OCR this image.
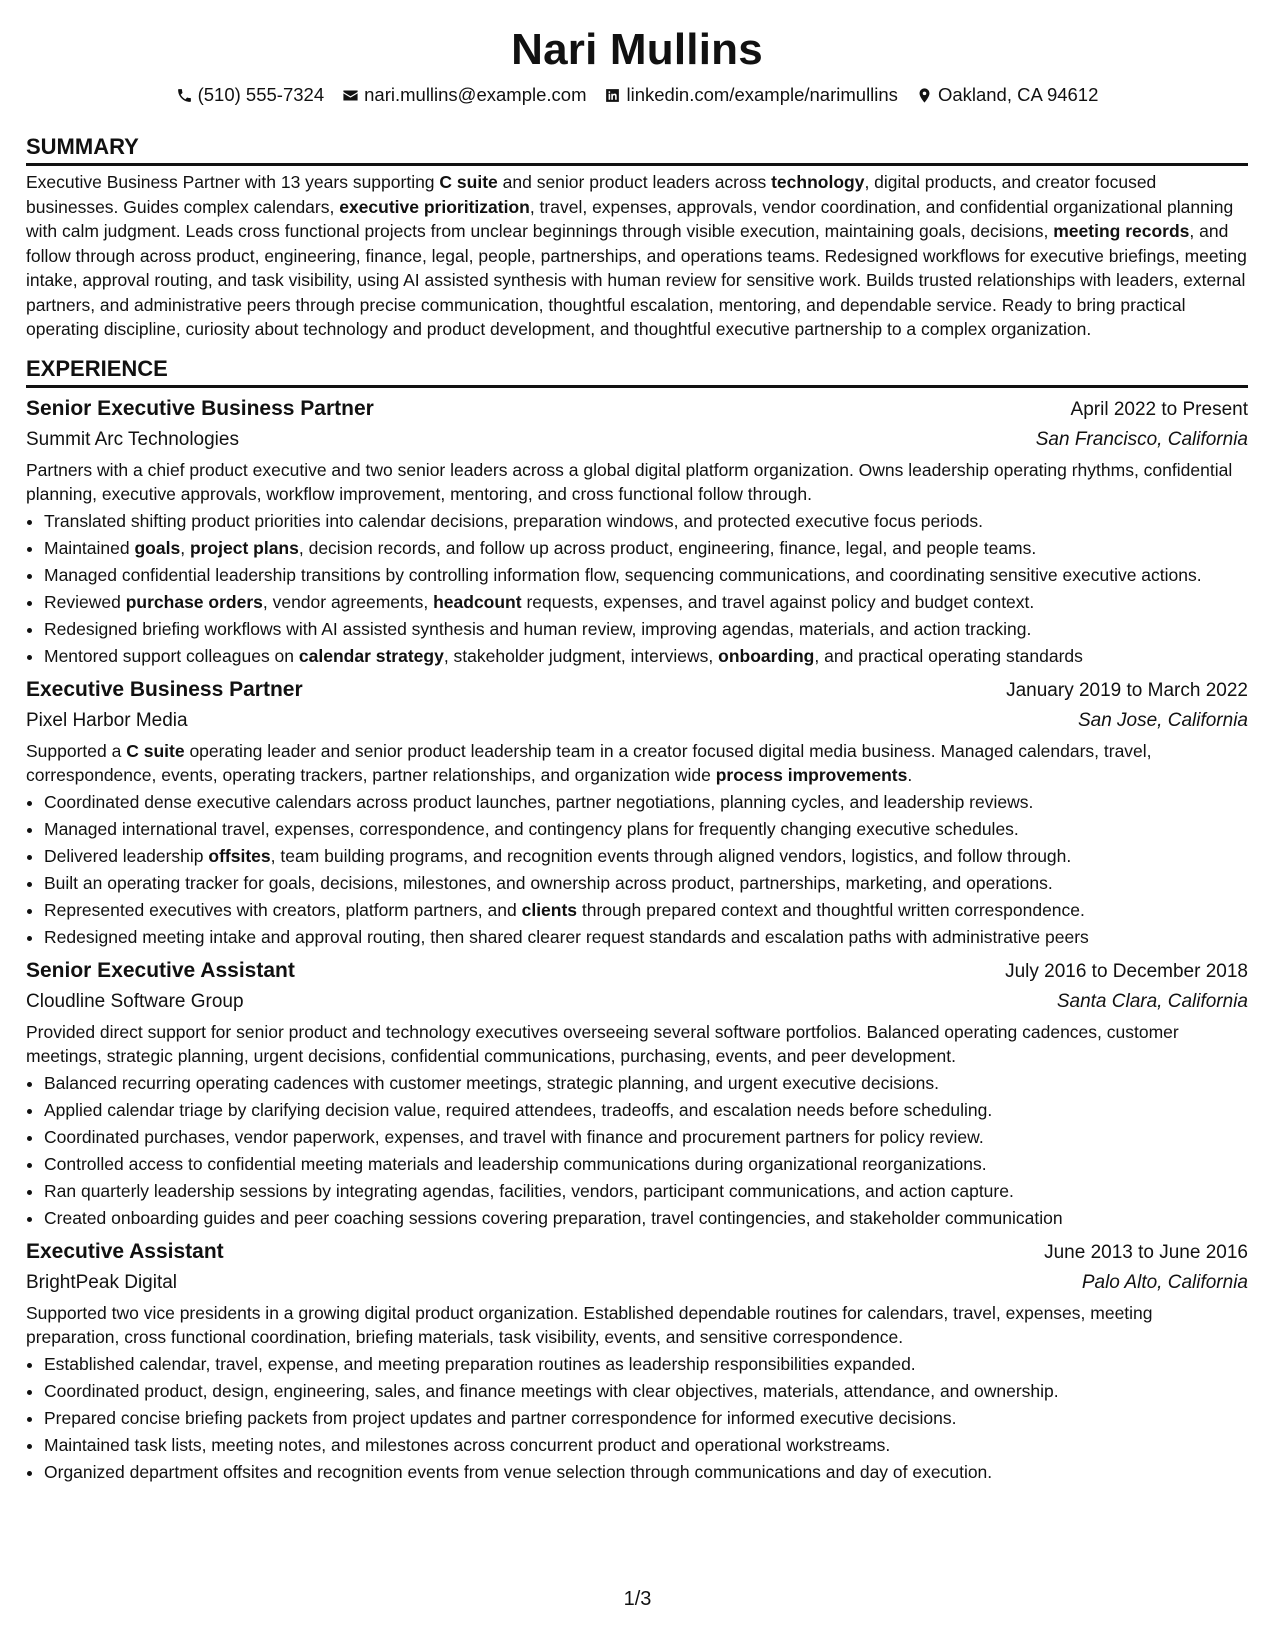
Nari Mullins
(510) 555-7324 nari.mullins@example.com linkedin.com/example/narimullins Oakland, CA 94612
SUMMARY

Executive Business Partner with 13 years supporting C suite and senior product leaders across technology, digital products, and creator focused businesses. Guides complex calendars, executive prioritization, travel, expenses, approvals, vendor coordination, and confidential organizational planning with calm judgment. Leads cross functional projects from unclear beginnings through visible execution, maintaining goals, decisions, meeting records, and follow through across product, engineering, finance, legal, people, partnerships, and operations teams. Redesigned workflows for executive briefings, meeting intake, approval routing, and task visibility, using AI assisted synthesis with human review for sensitive work. Builds trusted relationships with leaders, external partners, and administrative peers through precise communication, thoughtful escalation, mentoring, and dependable service. Ready to bring practical operating discipline, curiosity about technology and product development, and thoughtful executive partnership to a complex organization.

EXPERIENCE
Senior Executive Business Partner	April 2022 to Present
Summit Arc Technologies	San Francisco, California
Partners with a chief product executive and two senior leaders across a global digital platform organization. Owns leadership operating rhythms, confidential planning, executive approvals, workflow improvement, mentoring, and cross functional follow through.
• Translated shifting product priorities into calendar decisions, preparation windows, and protected executive focus periods.
• Maintained goals, project plans, decision records, and follow up across product, engineering, finance, legal, and people teams.
• Managed confidential leadership transitions by controlling information flow, sequencing communications, and coordinating sensitive executive actions.
• Reviewed purchase orders, vendor agreements, headcount requests, expenses, and travel against policy and budget context.
• Redesigned briefing workflows with AI assisted synthesis and human review, improving agendas, materials, and action tracking.
• Mentored support colleagues on calendar strategy, stakeholder judgment, interviews, onboarding, and practical operating standards
Executive Business Partner	January 2019 to March 2022
Pixel Harbor Media	San Jose, California
Supported a C suite operating leader and senior product leadership team in a creator focused digital media business. Managed calendars, travel, correspondence, events, operating trackers, partner relationships, and organization wide process improvements.
• Coordinated dense executive calendars across product launches, partner negotiations, planning cycles, and leadership reviews.
• Managed international travel, expenses, correspondence, and contingency plans for frequently changing executive schedules.
• Delivered leadership offsites, team building programs, and recognition events through aligned vendors, logistics, and follow through.
• Built an operating tracker for goals, decisions, milestones, and ownership across product, partnerships, marketing, and operations.
• Represented executives with creators, platform partners, and clients through prepared context and thoughtful written correspondence.
• Redesigned meeting intake and approval routing, then shared clearer request standards and escalation paths with administrative peers
Senior Executive Assistant	July 2016 to December 2018
Cloudline Software Group	Santa Clara, California
Provided direct support for senior product and technology executives overseeing several software portfolios. Balanced operating cadences, customer meetings, strategic planning, urgent decisions, confidential communications, purchasing, events, and peer development.
• Balanced recurring operating cadences with customer meetings, strategic planning, and urgent executive decisions.
• Applied calendar triage by clarifying decision value, required attendees, tradeoffs, and escalation needs before scheduling.
• Coordinated purchases, vendor paperwork, expenses, and travel with finance and procurement partners for policy review.
• Controlled access to confidential meeting materials and leadership communications during organizational reorganizations.
• Ran quarterly leadership sessions by integrating agendas, facilities, vendors, participant communications, and action capture.
• Created onboarding guides and peer coaching sessions covering preparation, travel contingencies, and stakeholder communication
Executive Assistant	June 2013 to June 2016
BrightPeak Digital	Palo Alto, California
Supported two vice presidents in a growing digital product organization. Established dependable routines for calendars, travel, expenses, meeting preparation, cross functional coordination, briefing materials, task visibility, events, and sensitive correspondence.
• Established calendar, travel, expense, and meeting preparation routines as leadership responsibilities expanded.
• Coordinated product, design, engineering, sales, and finance meetings with clear objectives, materials, attendance, and ownership.
• Prepared concise briefing packets from project updates and partner correspondence for informed executive decisions.
• Maintained task lists, meeting notes, and milestones across concurrent product and operational workstreams.
• Organized department offsites and recognition events from venue selection through communications and day of execution.
1/3
